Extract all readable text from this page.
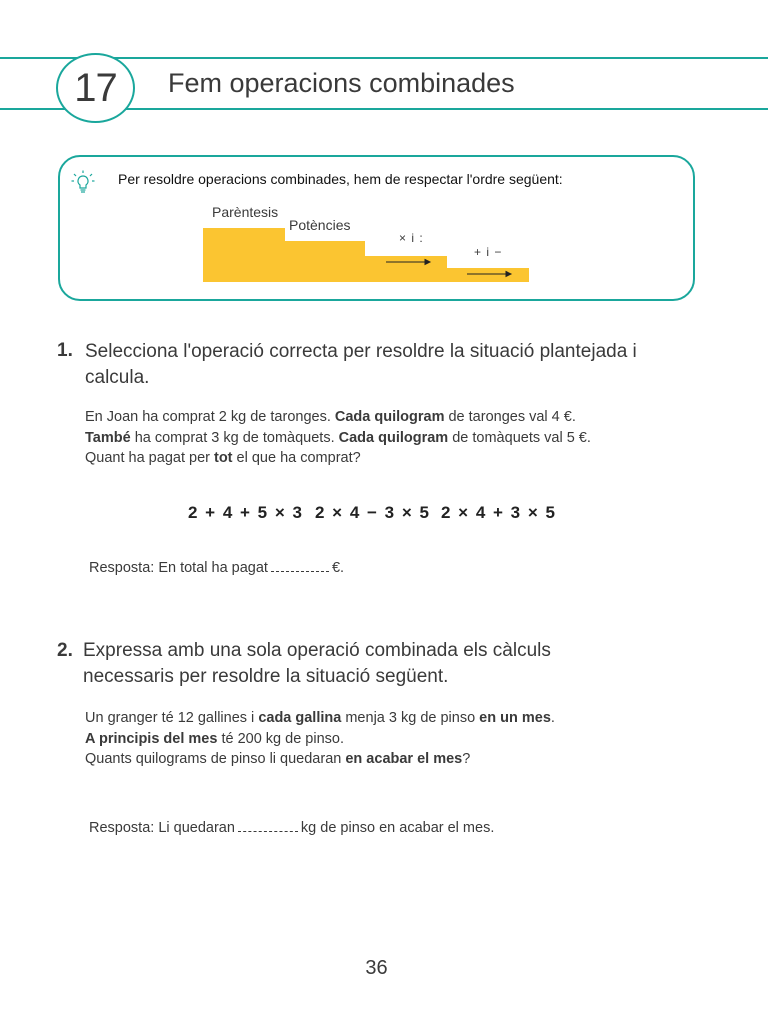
17	Fem operacions combinades
Per resoldre operacions combinades, hem de respectar l'ordre següent:
Parèntesis
Potències
× i :
+ i −
1. Selecciona l'operació correcta per resoldre la situació plantejada i
calcula.
En Joan ha comprat 2 kg de taronges. Cada quilogram de taronges val 4 €.
També ha comprat 3 kg de tomàquets. Cada quilogram de tomàquets val 5 €.
Quant ha pagat per tot el que ha comprat?
2 + 4 + 5 × 3 2 × 4 − 3 × 5 2 × 4 + 3 × 5
Resposta: En total ha pagat	€.
2. Expressa amb una sola operació combinada els càlculs
necessaris per resoldre la situació següent.
Un granger té 12 gallines i cada gallina menja 3 kg de pinso en un mes.
A principis del mes té 200 kg de pinso.
Quants quilograms de pinso li quedaran en acabar el mes?
Resposta: Li quedaran	kg de pinso en acabar el mes.
36
